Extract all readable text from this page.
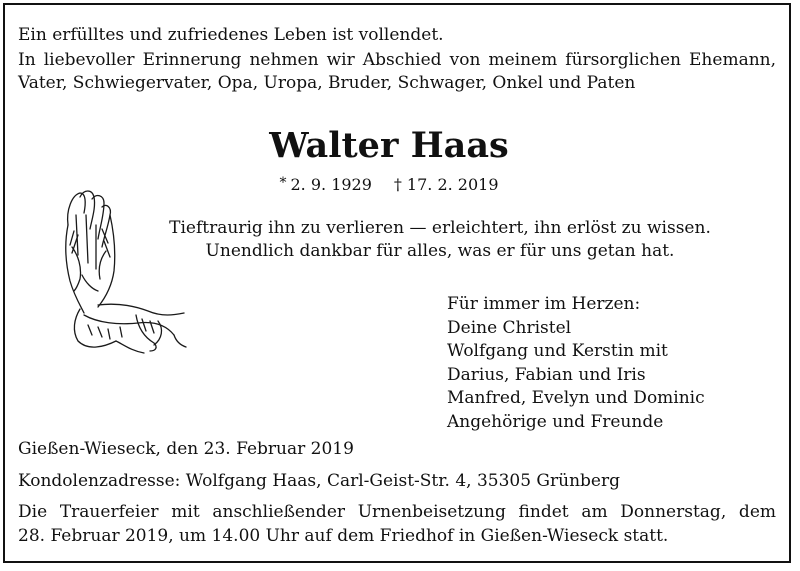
Ein erfülltes und zufriedenes Leben ist vollendet.
In liebevoller Erinnerung nehmen wir Abschied von meinem fürsorglichen Ehemann,
Vater, Schwiegervater, Opa, Uropa, Bruder, Schwager, Onkel und Paten
Walter Haas
* 2. 9. 1929 † 17. 2. 2019
Tieftraurig ihn zu verlieren — erleichtert, ihn erlöst zu wissen.
Unendlich dankbar für alles, was er für uns getan hat.
Für immer im Herzen:
Deine Christel
Wolfgang und Kerstin mit
Darius, Fabian und Iris
Manfred, Evelyn und Dominic
Angehörige und Freunde
Gießen-Wieseck, den 23. Februar 2019
Kondolenzadresse: Wolfgang Haas, Carl-Geist-Str. 4, 35305 Grünberg
Die Trauerfeier mit anschließender Urnenbeisetzung findet am Donnerstag, dem
28. Februar 2019, um 14.00 Uhr auf dem Friedhof in Gießen-Wieseck statt.
